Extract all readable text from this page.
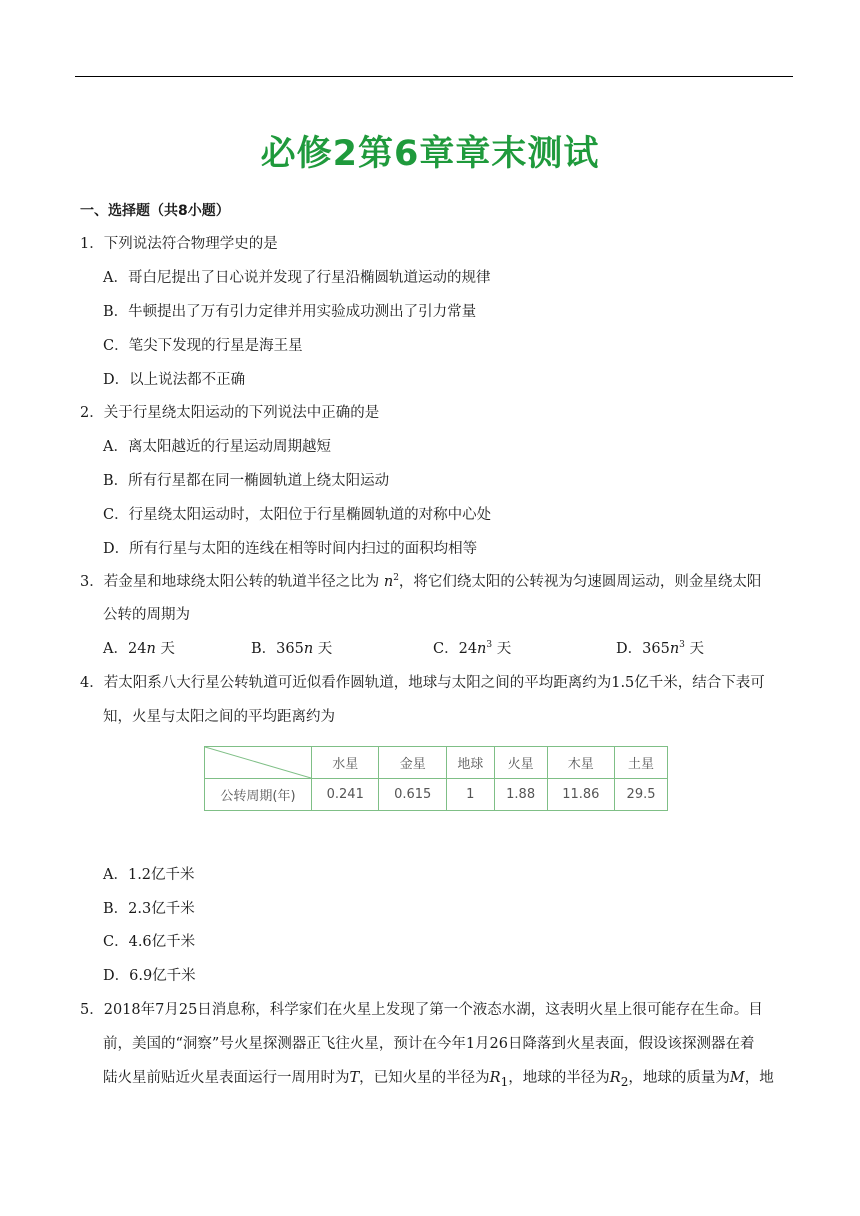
必修2第6章章末测试
一、选择题（共8小题）
1．下列说法符合物理学史的是
A．哥白尼提出了日心说并发现了行星沿椭圆轨道运动的规律
B．牛顿提出了万有引力定律并用实验成功测出了引力常量
C．笔尖下发现的行星是海王星
D．以上说法都不正确
2．关于行星绕太阳运动的下列说法中正确的是
A．离太阳越近的行星运动周期越短
B．所有行星都在同一椭圆轨道上绕太阳运动
C．行星绕太阳运动时，太阳位于行星椭圆轨道的对称中心处
D．所有行星与太阳的连线在相等时间内扫过的面积均相等
3．若金星和地球绕太阳公转的轨道半径之比为 $n^2$，将它们绕太阳的公转视为匀速圆周运动，则金星绕太阳
公转的周期为
A．24n 天	B．365n 天	C．$24n^3$ 天	D．$365n^3$ 天
4．若太阳系八大行星公转轨道可近似看作圆轨道，地球与太阳之间的平均距离约为1.5亿千米，结合下表可
知，火星与太阳之间的平均距离约为
	水星	金星	地球	火星	木星	土星
公转周期(年)	0.241	0.615	1	1.88	11.86	29.5
A．1.2亿千米
B．2.3亿千米
C．4.6亿千米
D．6.9亿千米
5．2018年7月25日消息称，科学家们在火星上发现了第一个液态水湖，这表明火星上很可能存在生命。目
前，美国的“洞察”号火星探测器正飞往火星，预计在今年1月26日降落到火星表面，假设该探测器在着
陆火星前贴近火星表面运行一周用时为T，已知火星的半径为$R_1$，地球的半径为$R_2$，地球的质量为M，地
